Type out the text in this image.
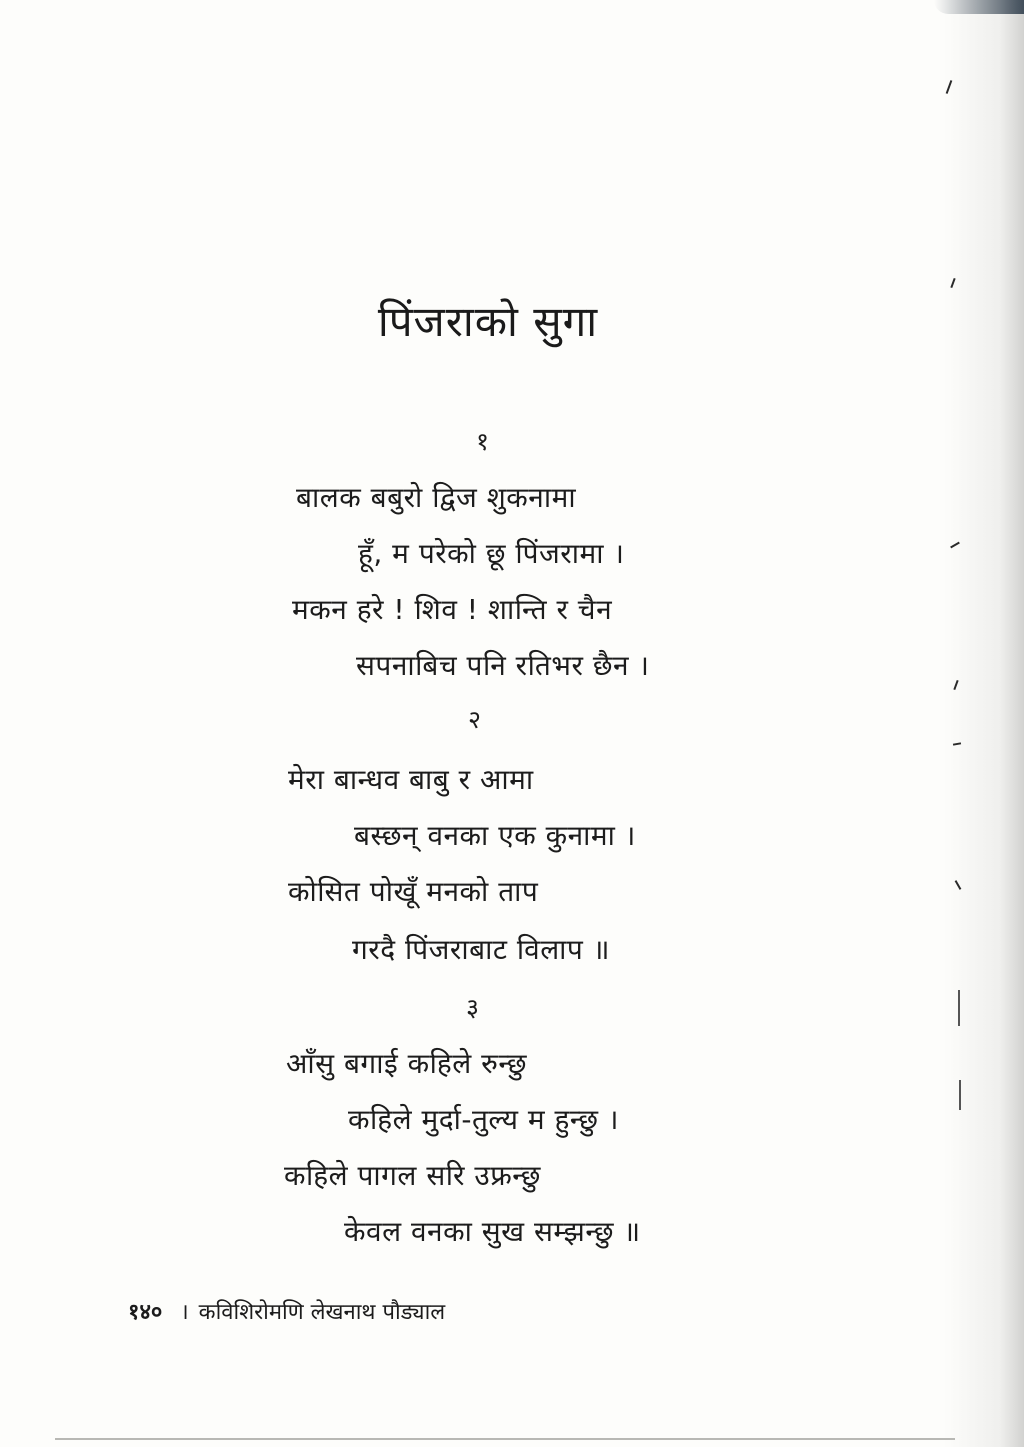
पिंजराको सुगा
१
बालक बबुरो द्विज शुकनामा
हूँ, म परेको छू पिंजरामा ।
मकन हरे ! शिव ! शान्ति र चैन
सपनाबिच पनि रतिभर छैन ।
२
मेरा बान्धव बाबु र आमा
बस्छन् वनका एक कुनामा ।
कोसित पोखूँ मनको ताप
गरदै पिंजराबाट विलाप ॥
३
आँसु बगाई कहिले रुन्छु
कहिले मुर्दा-तुल्य म हुन्छु ।
कहिले पागल सरि उफ्रन्छु
केवल वनका सुख सम्झन्छु ॥
१४० । कविशिरोमणि लेखनाथ पौड्याल
